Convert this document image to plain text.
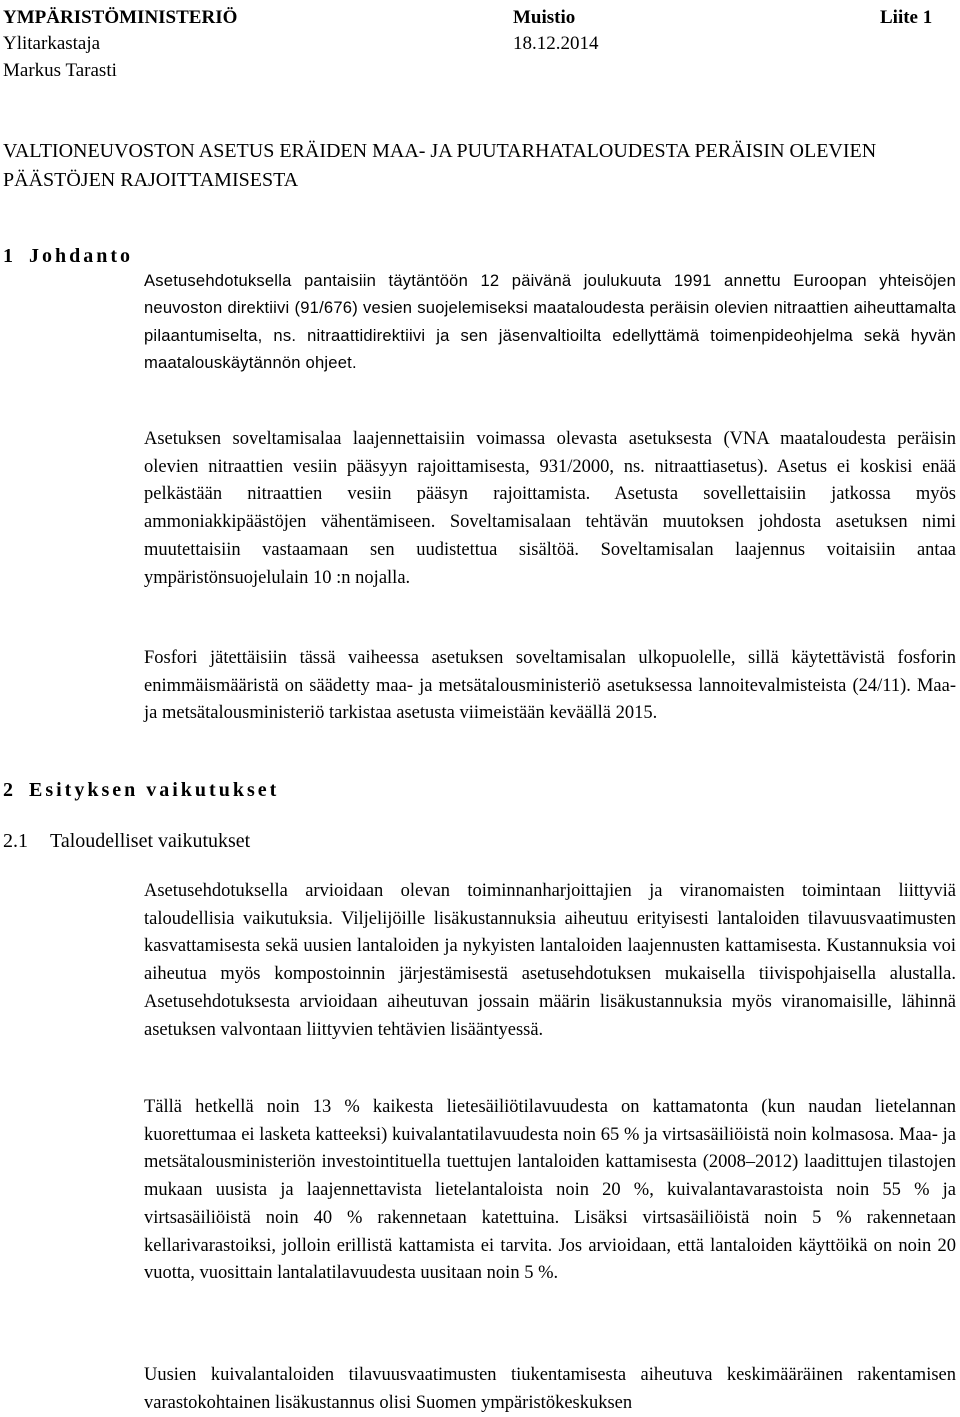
YMPÄRISTÖMINISTERIÖ	Muistio	Liite 1
Ylitarkastaja	18.12.2014
Markus Tarasti
VALTIONEUVOSTON ASETUS ERÄIDEN MAA- JA PUUTARHATALOUDESTA PERÄISIN OLEVIEN PÄÄSTÖJEN RAJOITTAMISESTA
1 Johdanto

Asetusehdotuksella pantaisiin täytäntöön 12 päivänä joulukuuta 1991 annettu Euroopan yhteisöjen neuvoston direktiivi (91/676) vesien suojelemiseksi maataloudesta peräisin olevien nitraattien aiheuttamalta pilaantumiselta, ns. nitraattidirektiivi ja sen jäsenvaltioilta edellyttämä toimenpideohjelma sekä hyvän maatalouskäytännön ohjeet.

Asetuksen soveltamisalaa laajennettaisiin voimassa olevasta asetuksesta (VNA maataloudesta peräisin olevien nitraattien vesiin pääsyyn rajoittamisesta, 931/2000, ns. nitraattiasetus). Asetus ei koskisi enää pelkästään nitraattien vesiin pääsyn rajoittamista. Asetusta sovellettaisiin jatkossa myös ammoniakkipäästöjen vähentämiseen. Soveltamisalaan tehtävän muutoksen johdosta asetuksen nimi muutettaisiin vastaamaan sen uudistettua sisältöä. Soveltamisalan laajennus voitaisiin antaa ympäristönsuojelulain 10 :n nojalla.

Fosfori jätettäisiin tässä vaiheessa asetuksen soveltamisalan ulkopuolelle, sillä käytettävistä fosforin enimmäismääristä on säädetty maa- ja metsätalousministeriö asetuksessa lannoitevalmisteista (24/11). Maa- ja metsätalousministeriö tarkistaa asetusta viimeistään keväällä 2015.

2 Esityksen vaikutukset
2.1 Taloudelliset vaikutukset

Asetusehdotuksella arvioidaan olevan toiminnanharjoittajien ja viranomaisten toimintaan liittyviä taloudellisia vaikutuksia. Viljelijöille lisäkustannuksia aiheutuu erityisesti lantaloiden tilavuusvaatimusten kasvattamisesta sekä uusien lantaloiden ja nykyisten lantaloiden laajennusten kattamisesta. Kustannuksia voi aiheutua myös kompostoinnin järjestämisestä asetusehdotuksen mukaisella tiivispohjaisella alustalla. Asetusehdotuksesta arvioidaan aiheutuvan jossain määrin lisäkustannuksia myös viranomaisille, lähinnä asetuksen valvontaan liittyvien tehtävien lisääntyessä.

Tällä hetkellä noin 13 % kaikesta lietesäiliötilavuudesta on kattamatonta (kun naudan lietelannan kuorettumaa ei lasketa katteeksi) kuivalantatilavuudesta noin 65 % ja virtsasäiliöistä noin kolmasosa. Maa- ja metsätalousministeriön investointituella tuettujen lantaloiden kattamisesta (2008–2012) laadittujen tilastojen mukaan uusista ja laajennettavista lietelantaloista noin 20 %, kuivalantavarastoista noin 55 % ja virtsasäiliöistä noin 40 % rakennetaan katettuina. Lisäksi virtsasäiliöistä noin 5 % rakennetaan kellarivarastoiksi, jolloin erillistä kattamista ei tarvita. Jos arvioidaan, että lantaloiden käyttöikä on noin 20 vuotta, vuosittain lantalatilavuudesta uusitaan noin 5 %.

Uusien kuivalantaloiden tilavuusvaatimusten tiukentamisesta aiheutuva keskimääräinen rakentamisen varastokohtainen lisäkustannus olisi Suomen ympäristökeskuksen
